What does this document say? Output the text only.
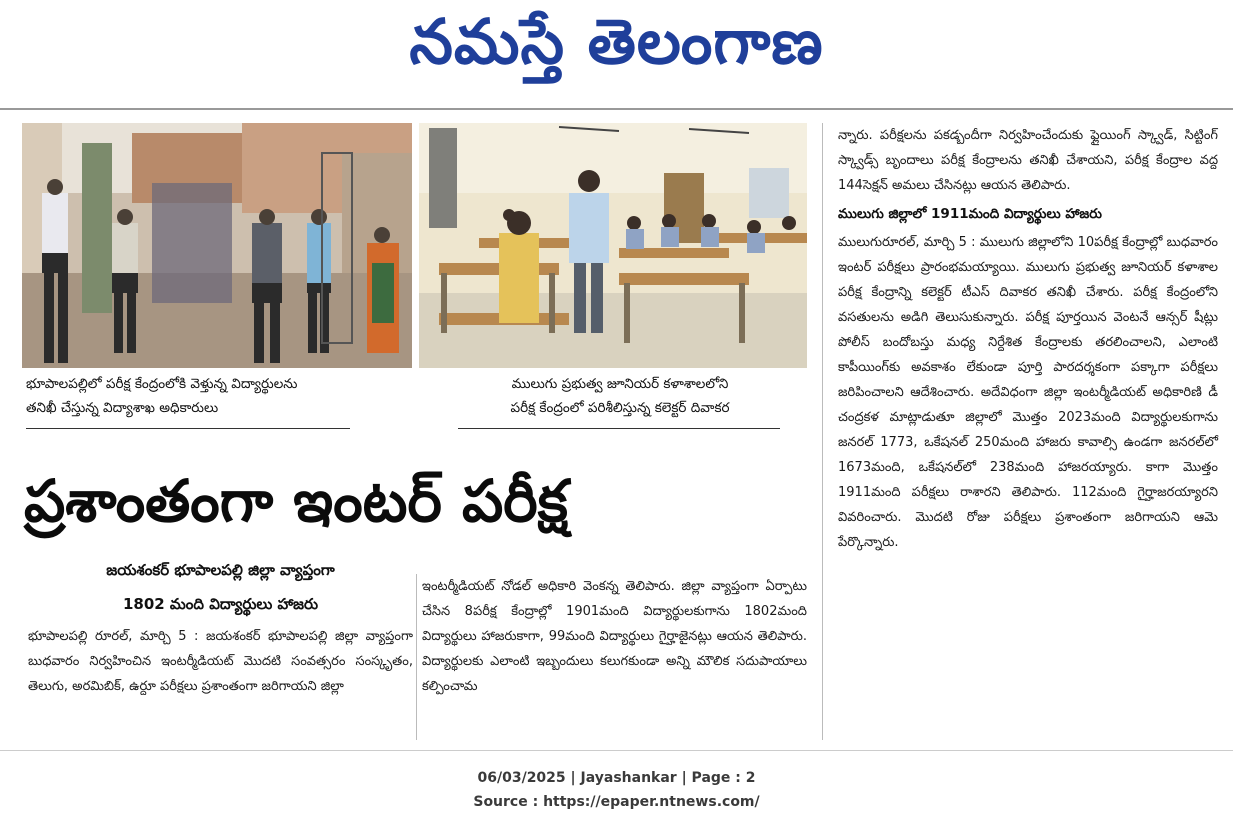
నమస్తే తెలంగాణ
భూపాలపల్లిలో పరీక్ష కేంద్రంలోకి వెళ్తున్న విద్యార్థులను
తనిఖీ చేస్తున్న విద్యాశాఖ అధికారులు
ములుగు ప్రభుత్వ జూనియర్ కళాశాలలోని
పరీక్ష కేంద్రంలో పరిశీలిస్తున్న కలెక్టర్ దివాకర
ప్రశాంతంగా ఇంటర్ పరీక్ష
జయశంకర్ భూపాలపల్లి జిల్లా వ్యాప్తంగా
1802 మంది విద్యార్థులు హాజరు

భూపాలపల్లి రూరల్, మార్చి 5 : జయశంకర్ భూపాలపల్లి జిల్లా వ్యాప్తంగా బుధవారం నిర్వహించిన ఇంటర్మీడియట్ మొదటి సంవత్సరం సంస్కృతం, తెలుగు, అరమిబిక్, ఉర్దూ పరీక్షలు ప్రశాంతంగా జరిగాయని జిల్లా

ఇంటర్మీడియట్ నోడల్ అధికారి వెంకన్న తెలిపారు. జిల్లా వ్యాప్తంగా ఏర్పాటు చేసిన 8పరీక్ష కేంద్రాల్లో 1901మంది విద్యార్థులకుగాను 1802మంది విద్యార్థులు హాజరుకాగా, 99మంది విద్యార్థులు గైర్హాజైనట్లు ఆయన తెలిపారు. విద్యార్థులకు ఎలాంటి ఇబ్బందులు కలుగకుండా అన్ని మౌలిక సదుపాయాలు కల్పించామ

న్నారు. పరీక్షలను పకడ్బందీగా నిర్వహించేందుకు ఫ్లైయింగ్ స్క్వాడ్, సిట్టింగ్ స్క్వాడ్స్ బృందాలు పరీక్ష కేంద్రాలను తనిఖీ చేశాయని, పరీక్ష కేంద్రాల వద్ద 144సెక్షన్ అమలు చేసినట్లు ఆయన తెలిపారు.

ములుగు జిల్లాలో 1911మంది విద్యార్థులు హాజరు

ములుగురూరల్, మార్చి 5 : ములుగు జిల్లాలోని 10పరీక్ష కేంద్రాల్లో బుధవారం ఇంటర్ పరీక్షలు ప్రారంభమయ్యాయి. ములుగు ప్రభుత్వ జూనియర్ కళాశాల పరీక్ష కేంద్రాన్ని కలెక్టర్ టీఎస్ దివాకర తనిఖీ చేశారు. పరీక్ష కేంద్రంలోని వసతులను అడిగి తెలుసుకున్నారు. పరీక్ష పూర్తయిన వెంటనే ఆన్సర్ షీట్లు పోలీస్ బందోబస్తు మధ్య నిర్దేశిత కేంద్రాలకు తరలించాలని, ఎలాంటి కాపీయింగ్‌కు అవకాశం లేకుండా పూర్తి పారదర్శకంగా పక్కాగా పరీక్షలు జరిపించాలని ఆదేశించారు. అదేవిధంగా జిల్లా ఇంటర్మీడియట్ అధికారిణి డీ చంద్రకళ మాట్లాడుతూ జిల్లాలో మొత్తం 2023మంది విద్యార్థులకుగాను జనరల్ 1773, ఒకేషనల్ 250మంది హాజరు కావాల్సి ఉండగా జనరల్‌లో 1673మంది, ఒకేషనల్‌లో 238మంది హాజరయ్యారు. కాగా మొత్తం 1911మంది పరీక్షలు రాశారని తెలిపారు. 112మంది గైర్హాజరయ్యారని వివరించారు. మొదటి రోజు పరీక్షలు ప్రశాంతంగా జరిగాయని ఆమె పేర్కొన్నారు.

06/03/2025 | Jayashankar | Page : 2
Source : https://epaper.ntnews.com/
